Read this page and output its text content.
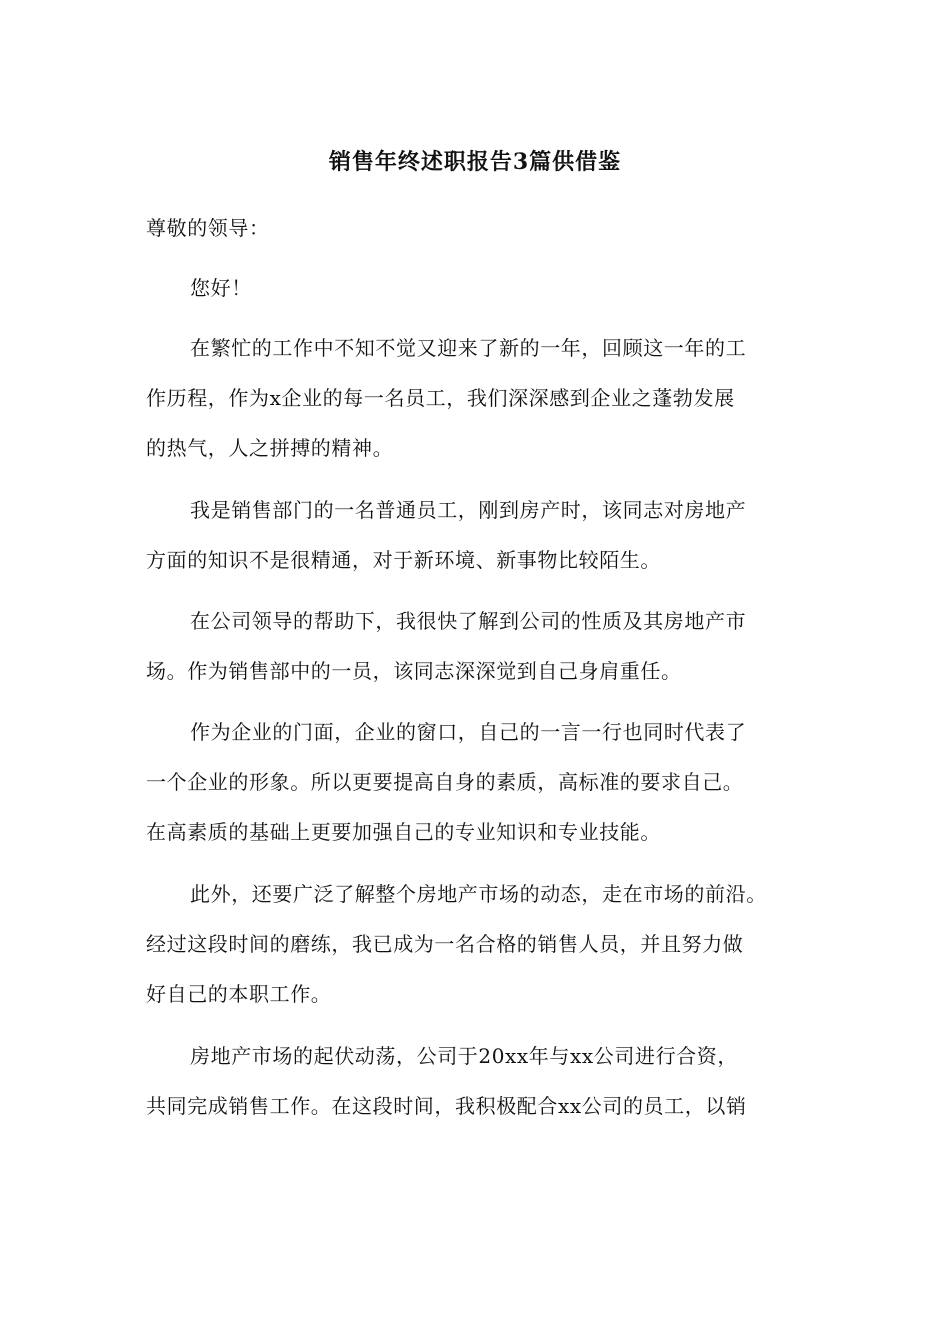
销售年终述职报告3篇供借鉴
尊敬的领导：
您好！
在繁忙的工作中不知不觉又迎来了新的一年，回顾这一年的工
作历程，作为x企业的每一名员工，我们深深感到企业之蓬勃发展
的热气，人之拼搏的精神。
我是销售部门的一名普通员工，刚到房产时，该同志对房地产
方面的知识不是很精通，对于新环境、新事物比较陌生。
在公司领导的帮助下，我很快了解到公司的性质及其房地产市
场。作为销售部中的一员，该同志深深觉到自己身肩重任。
作为企业的门面，企业的窗口，自己的一言一行也同时代表了
一个企业的形象。所以更要提高自身的素质，高标准的要求自己。
在高素质的基础上更要加强自己的专业知识和专业技能。
此外，还要广泛了解整个房地产市场的动态，走在市场的前沿。
经过这段时间的磨练，我已成为一名合格的销售人员，并且努力做
好自己的本职工作。
房地产市场的起伏动荡，公司于20xx年与xx公司进行合资，
共同完成销售工作。在这段时间，我积极配合xx公司的员工，以销
